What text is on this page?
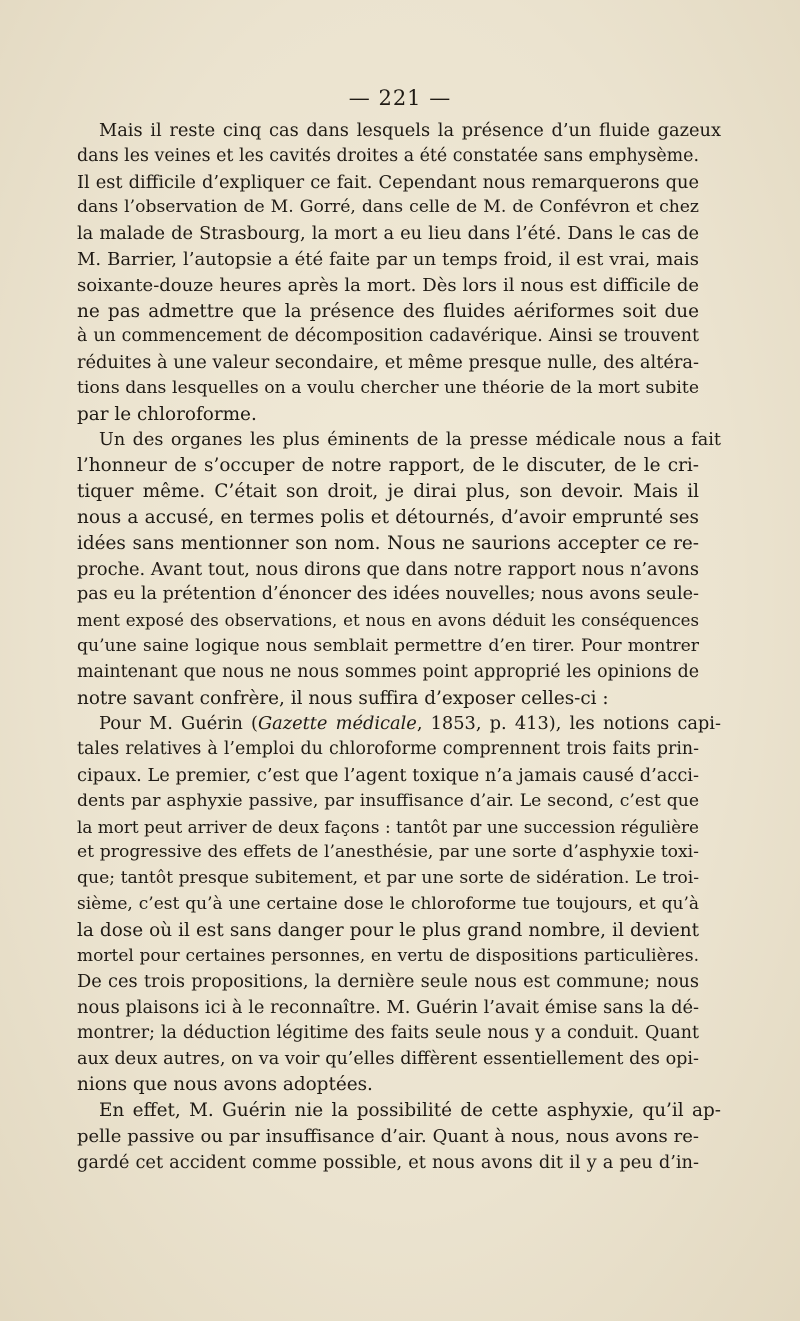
— 221 —
Mais il reste cinq cas dans lesquels la présence d’un fluide gazeux
dans les veines et les cavités droites a été constatée sans emphysème.
Il est difficile d’expliquer ce fait. Cependant nous remarquerons que
dans l’observation de M. Gorré, dans celle de M. de Confévron et chez
la malade de Strasbourg, la mort a eu lieu dans l’été. Dans le cas de
M. Barrier, l’autopsie a été faite par un temps froid, il est vrai, mais
soixante-douze heures après la mort. Dès lors il nous est difficile de
ne pas admettre que la présence des fluides aériformes soit due
à un commencement de décomposition cadavérique. Ainsi se trouvent
réduites à une valeur secondaire, et même presque nulle, des altéra-
tions dans lesquelles on a voulu chercher une théorie de la mort subite
par le chloroforme.
Un des organes les plus éminents de la presse médicale nous a fait
l’honneur de s’occuper de notre rapport, de le discuter, de le cri-
tiquer même. C’était son droit, je dirai plus, son devoir. Mais il
nous a accusé, en termes polis et détournés, d’avoir emprunté ses
idées sans mentionner son nom. Nous ne saurions accepter ce re-
proche. Avant tout, nous dirons que dans notre rapport nous n’avons
pas eu la prétention d’énoncer des idées nouvelles; nous avons seule-
ment exposé des observations, et nous en avons déduit les conséquences
qu’une saine logique nous semblait permettre d’en tirer. Pour montrer
maintenant que nous ne nous sommes point approprié les opinions de
notre savant confrère, il nous suffira d’exposer celles-ci :
Pour M. Guérin (Gazette médicale, 1853, p. 413), les notions capi-
tales relatives à l’emploi du chloroforme comprennent trois faits prin-
cipaux. Le premier, c’est que l’agent toxique n’a jamais causé d’acci-
dents par asphyxie passive, par insuffisance d’air. Le second, c’est que
la mort peut arriver de deux façons : tantôt par une succession régulière
et progressive des effets de l’anesthésie, par une sorte d’asphyxie toxi-
que; tantôt presque subitement, et par une sorte de sidération. Le troi-
sième, c’est qu’à une certaine dose le chloroforme tue toujours, et qu’à
la dose où il est sans danger pour le plus grand nombre, il devient
mortel pour certaines personnes, en vertu de dispositions particulières.
De ces trois propositions, la dernière seule nous est commune; nous
nous plaisons ici à le reconnaître. M. Guérin l’avait émise sans la dé-
montrer; la déduction légitime des faits seule nous y a conduit. Quant
aux deux autres, on va voir qu’elles diffèrent essentiellement des opi-
nions que nous avons adoptées.
En effet, M. Guérin nie la possibilité de cette asphyxie, qu’il ap-
pelle passive ou par insuffisance d’air. Quant à nous, nous avons re-
gardé cet accident comme possible, et nous avons dit il y a peu d’in-
